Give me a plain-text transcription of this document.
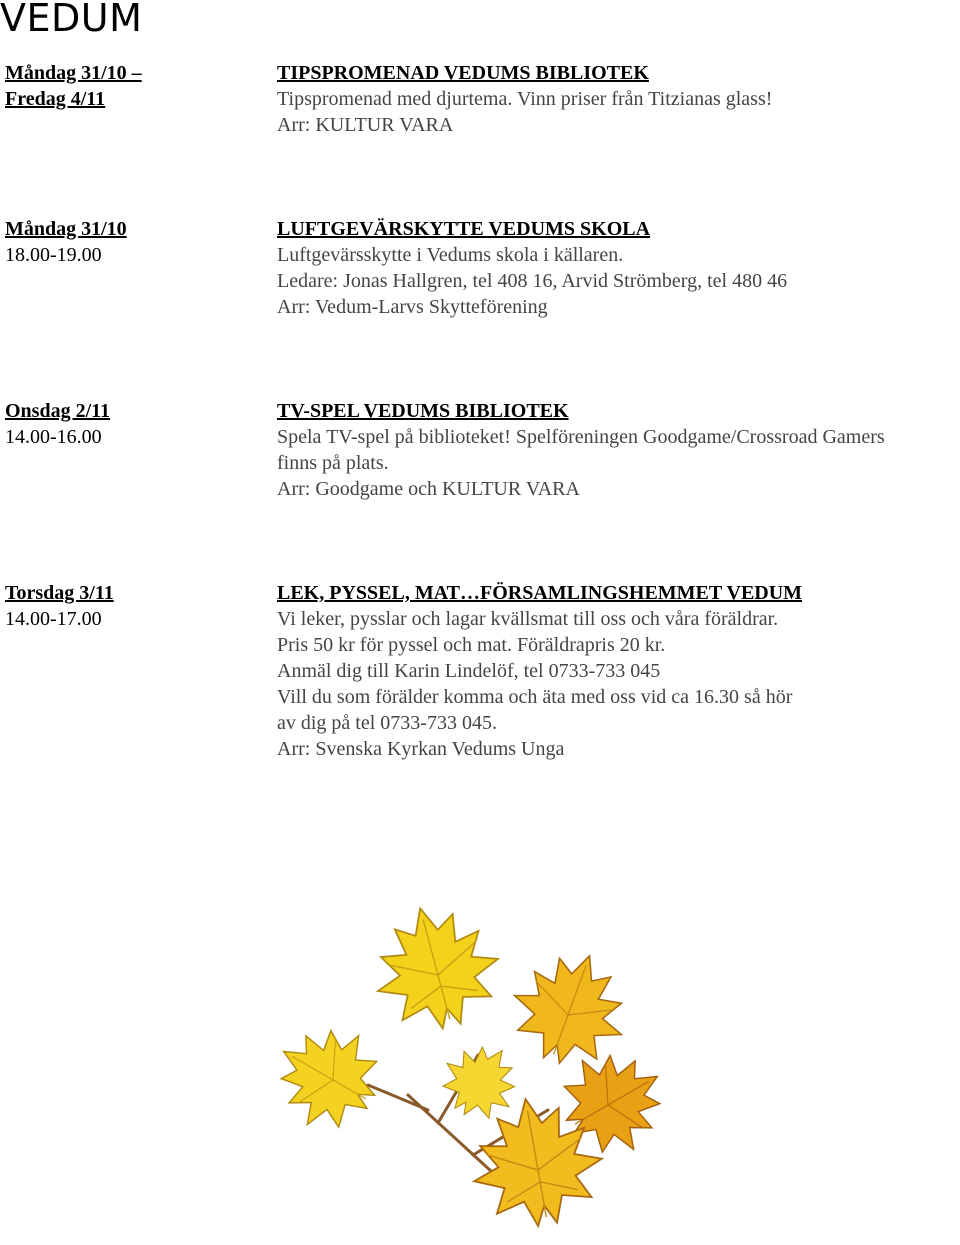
VEDUM
Måndag 31/10 –
Fredag 4/11
TIPSPROMENAD VEDUMS BIBLIOTEK
Tipspromenad med djurtema. Vinn priser från Titzianas glass!
Arr: KULTUR VARA
Måndag 31/10
18.00-19.00
LUFTGEVÄRSKYTTE VEDUMS SKOLA
Luftgevärsskytte i Vedums skola i källaren.
Ledare: Jonas Hallgren, tel 408 16, Arvid Strömberg, tel 480 46
Arr: Vedum-Larvs Skytteförening
Onsdag 2/11
14.00-16.00
TV-SPEL VEDUMS BIBLIOTEK
Spela TV-spel på biblioteket! Spelföreningen Goodgame/Crossroad Gamers
finns på plats.
Arr: Goodgame och KULTUR VARA
Torsdag 3/11
14.00-17.00
LEK, PYSSEL, MAT…FÖRSAMLINGSHEMMET VEDUM
Vi leker, pysslar och lagar kvällsmat till oss och våra föräldrar.
Pris 50 kr för pyssel och mat. Föräldrapris 20 kr.
Anmäl dig till Karin Lindelöf, tel 0733-733 045
Vill du som förälder komma och äta med oss vid ca 16.30 så hör
av dig på tel 0733-733 045.
Arr: Svenska Kyrkan Vedums Unga
